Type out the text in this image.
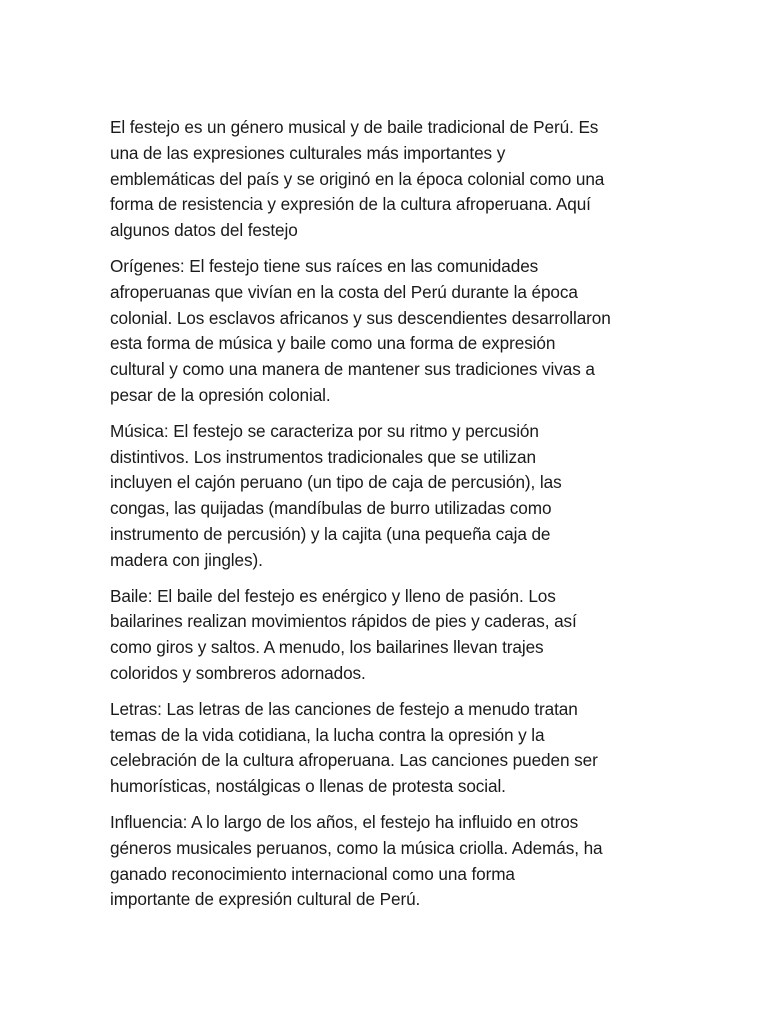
El festejo es un género musical y de baile tradicional de Perú. Es
una de las expresiones culturales más importantes y
emblemáticas del país y se originó en la época colonial como una
forma de resistencia y expresión de la cultura afroperuana. Aquí
algunos datos del festejo

Orígenes: El festejo tiene sus raíces en las comunidades
afroperuanas que vivían en la costa del Perú durante la época
colonial. Los esclavos africanos y sus descendientes desarrollaron
esta forma de música y baile como una forma de expresión
cultural y como una manera de mantener sus tradiciones vivas a
pesar de la opresión colonial.

Música: El festejo se caracteriza por su ritmo y percusión
distintivos. Los instrumentos tradicionales que se utilizan
incluyen el cajón peruano (un tipo de caja de percusión), las
congas, las quijadas (mandíbulas de burro utilizadas como
instrumento de percusión) y la cajita (una pequeña caja de
madera con jingles).

Baile: El baile del festejo es enérgico y lleno de pasión. Los
bailarines realizan movimientos rápidos de pies y caderas, así
como giros y saltos. A menudo, los bailarines llevan trajes
coloridos y sombreros adornados.

Letras: Las letras de las canciones de festejo a menudo tratan
temas de la vida cotidiana, la lucha contra la opresión y la
celebración de la cultura afroperuana. Las canciones pueden ser
humorísticas, nostálgicas o llenas de protesta social.

Influencia: A lo largo de los años, el festejo ha influido en otros
géneros musicales peruanos, como la música criolla. Además, ha
ganado reconocimiento internacional como una forma
importante de expresión cultural de Perú.
